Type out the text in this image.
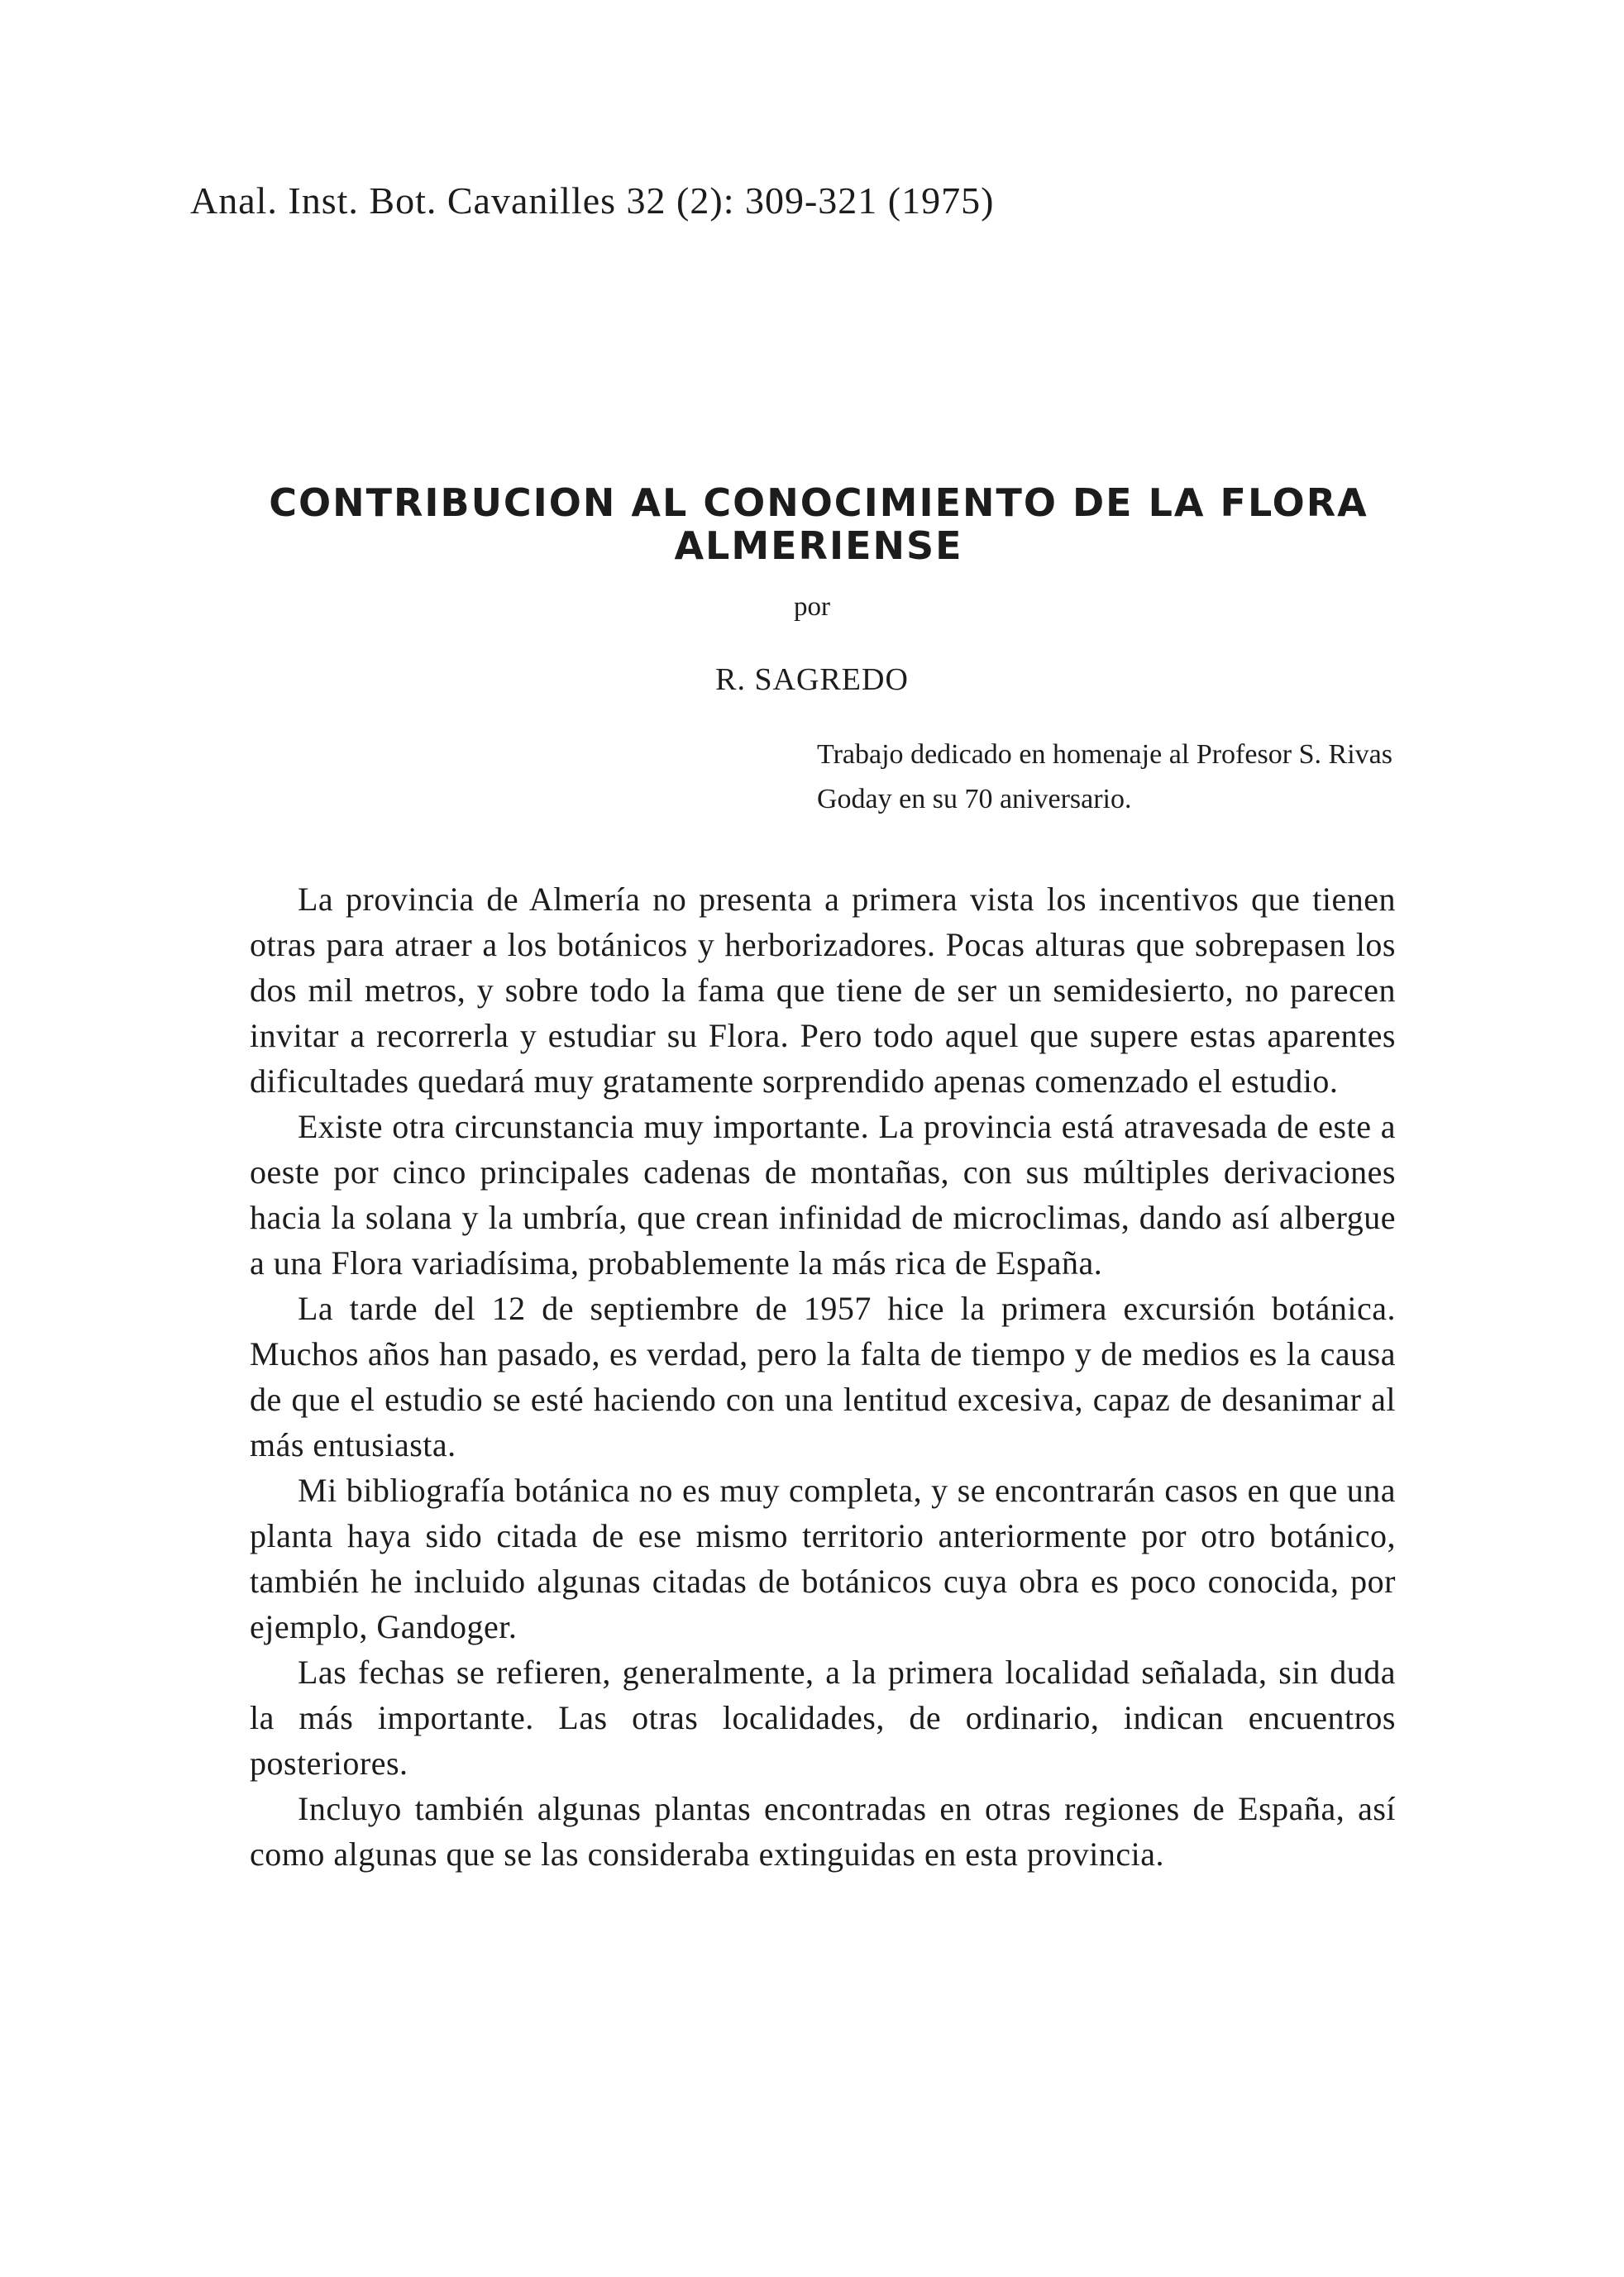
Anal. Inst. Bot. Cavanilles 32 (2): 309-321 (1975)

CONTRIBUCION AL CONOCIMIENTO DE LA FLORA
ALMERIENSE

por

R. SAGREDO

Trabajo dedicado en homenaje al Profesor S. Rivas Goday en su 70 aniversario.

La provincia de Almería no presenta a primera vista los incentivos que tienen otras para atraer a los botánicos y herborizadores. Pocas alturas que sobrepasen los dos mil metros, y sobre todo la fama que tiene de ser un semidesierto, no parecen invitar a recorrerla y estudiar su Flora. Pero todo aquel que supere estas aparentes dificultades quedará muy gratamente sorprendido apenas comenzado el estudio.

Existe otra circunstancia muy importante. La provincia está atravesada de este a oeste por cinco principales cadenas de montañas, con sus múltiples derivaciones hacia la solana y la umbría, que crean infinidad de microclimas, dando así albergue a una Flora variadísima, probablemente la más rica de España.

La tarde del 12 de septiembre de 1957 hice la primera excursión botánica. Muchos años han pasado, es verdad, pero la falta de tiempo y de medios es la causa de que el estudio se esté haciendo con una lentitud excesiva, capaz de desanimar al más entusiasta.

Mi bibliografía botánica no es muy completa, y se encontrarán casos en que una planta haya sido citada de ese mismo territorio anteriormente por otro botánico, también he incluido algunas citadas de botánicos cuya obra es poco conocida, por ejemplo, Gandoger.

Las fechas se refieren, generalmente, a la primera localidad señalada, sin duda la más importante. Las otras localidades, de ordinario, indican encuentros posteriores.

Incluyo también algunas plantas encontradas en otras regiones de España, así como algunas que se las consideraba extinguidas en esta provincia.
